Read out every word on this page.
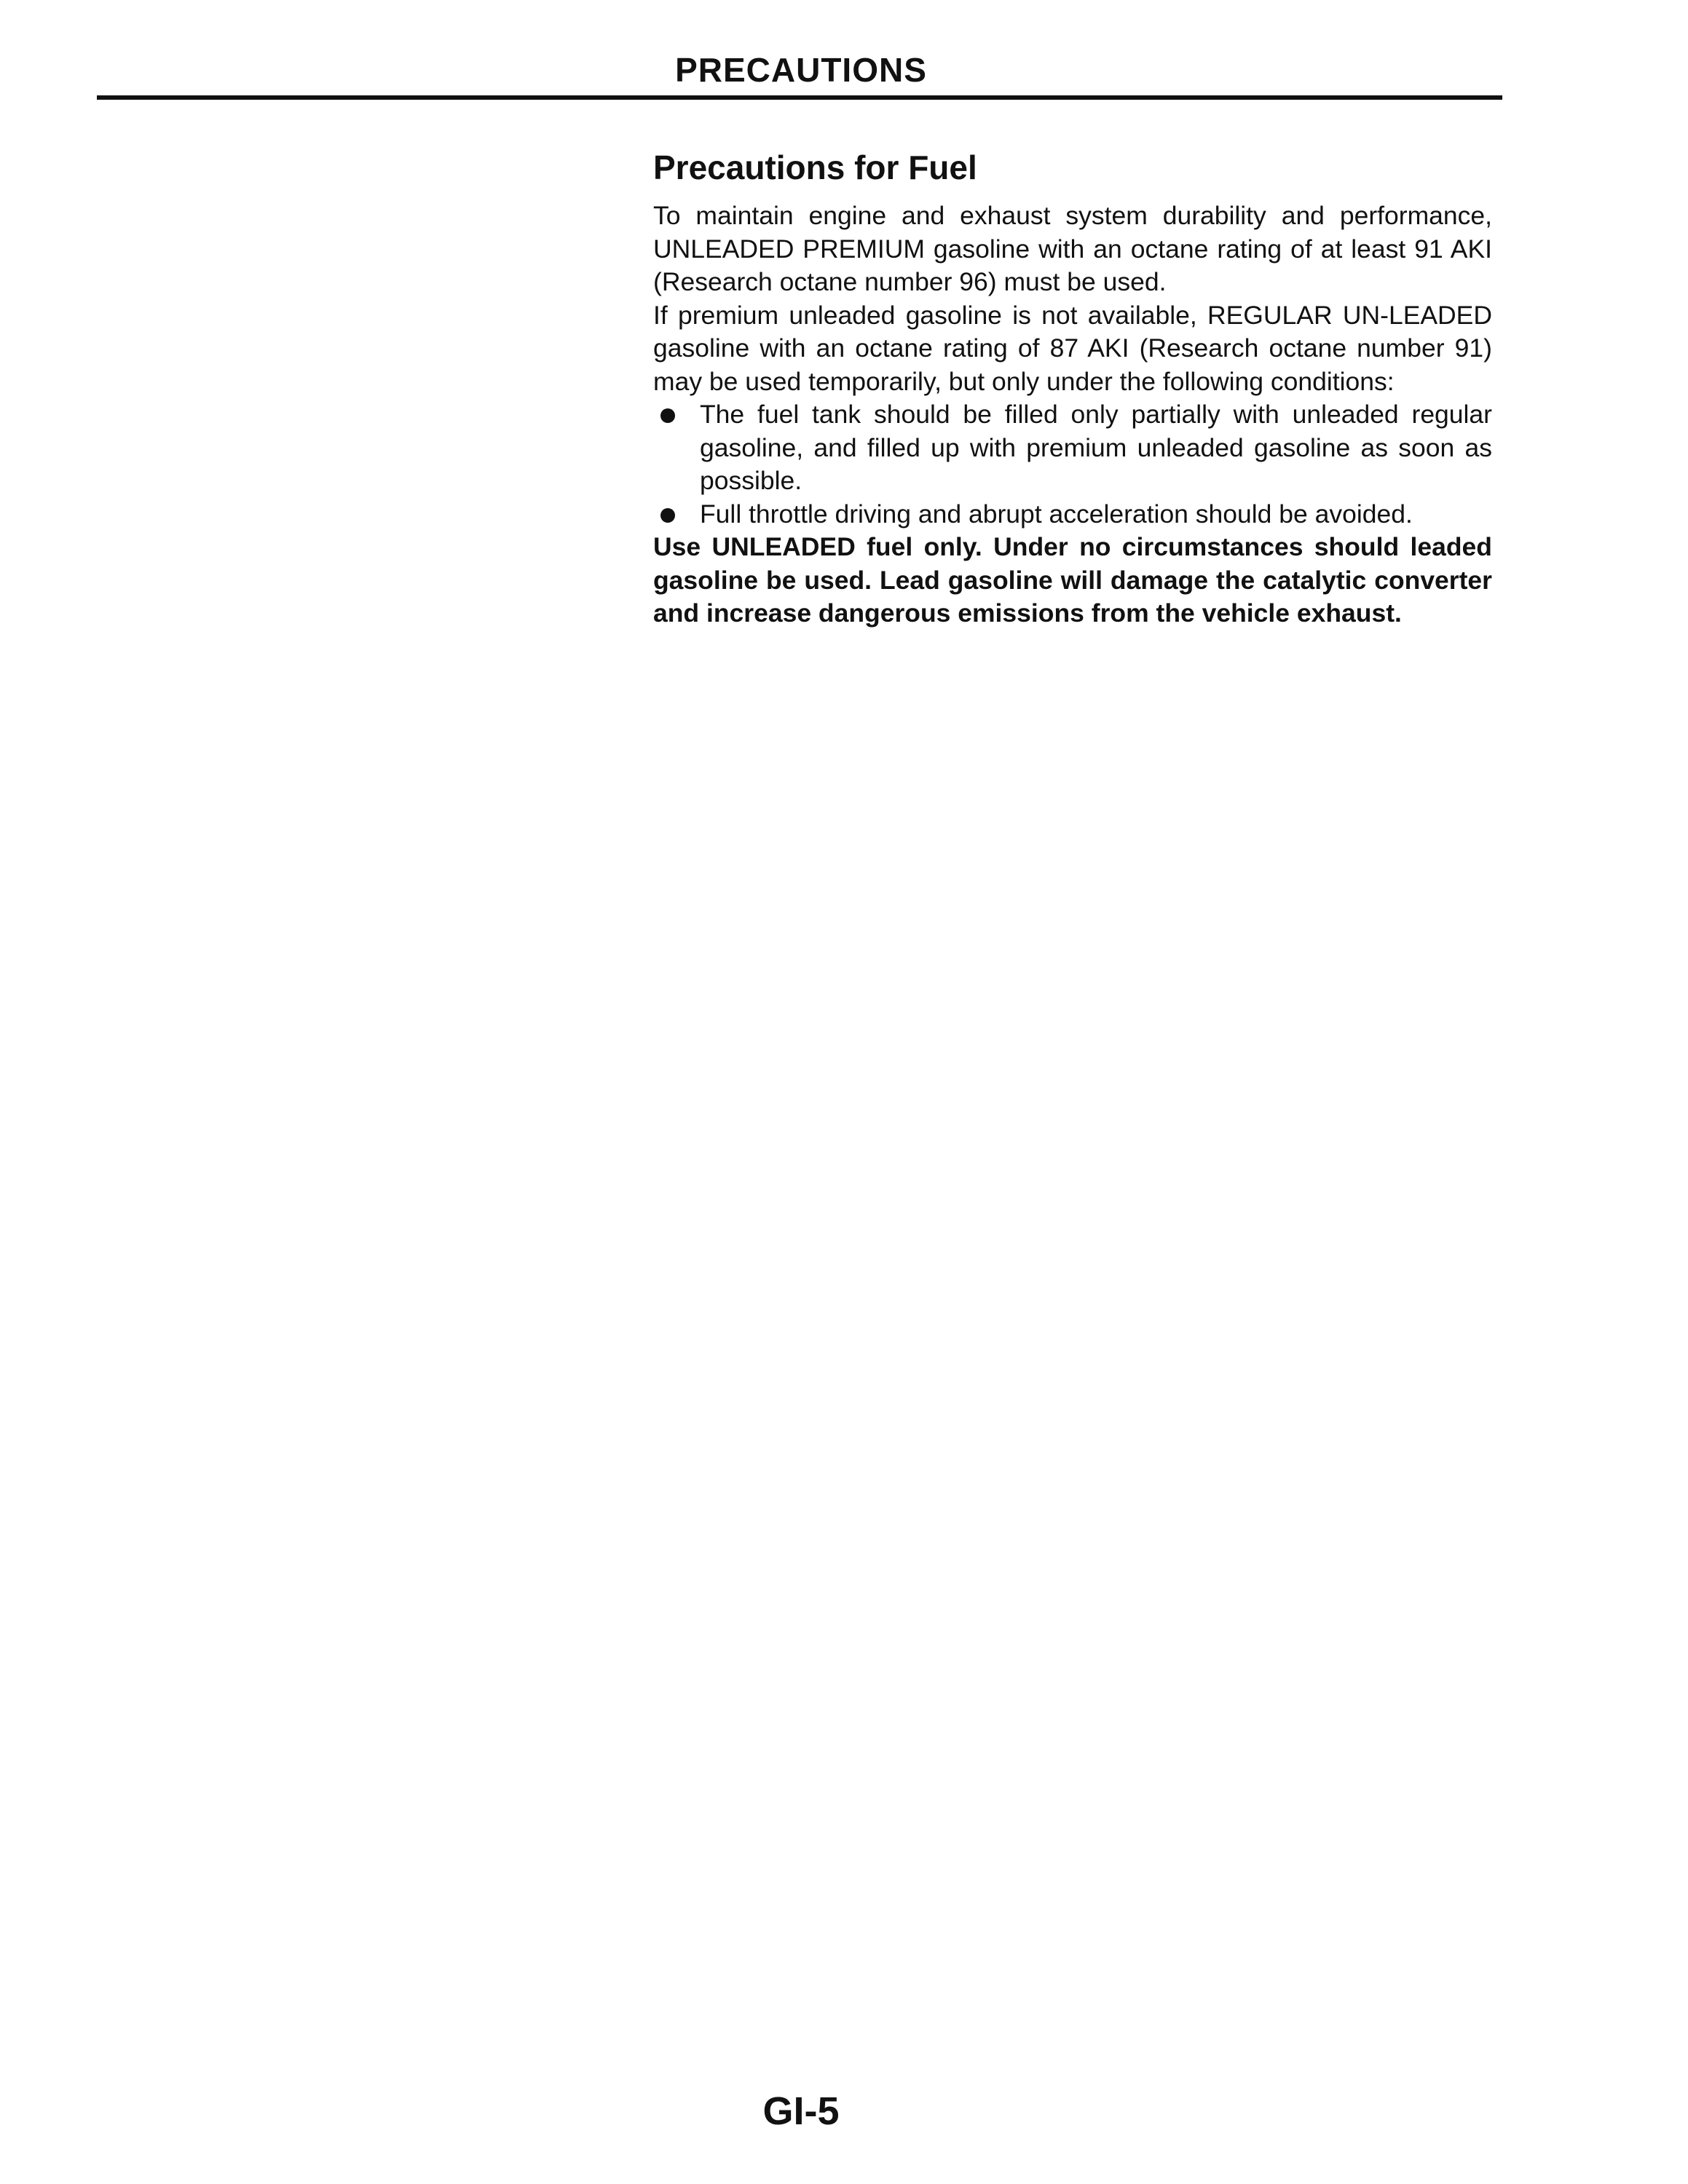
PRECAUTIONS
Precautions for Fuel

To maintain engine and exhaust system durability and performance, UNLEADED PREMIUM gasoline with an octane rating of at least 91 AKI (Research octane number 96) must be used.

If premium unleaded gasoline is not available, REGULAR UN-LEADED gasoline with an octane rating of 87 AKI (Research octane number 91) may be used temporarily, but only under the following conditions:

The fuel tank should be filled only partially with unleaded regular gasoline, and filled up with premium unleaded gasoline as soon as possible.
Full throttle driving and abrupt acceleration should be avoided.

Use UNLEADED fuel only. Under no circumstances should leaded gasoline be used. Lead gasoline will damage the catalytic converter and increase dangerous emissions from the vehicle exhaust.

GI-5
